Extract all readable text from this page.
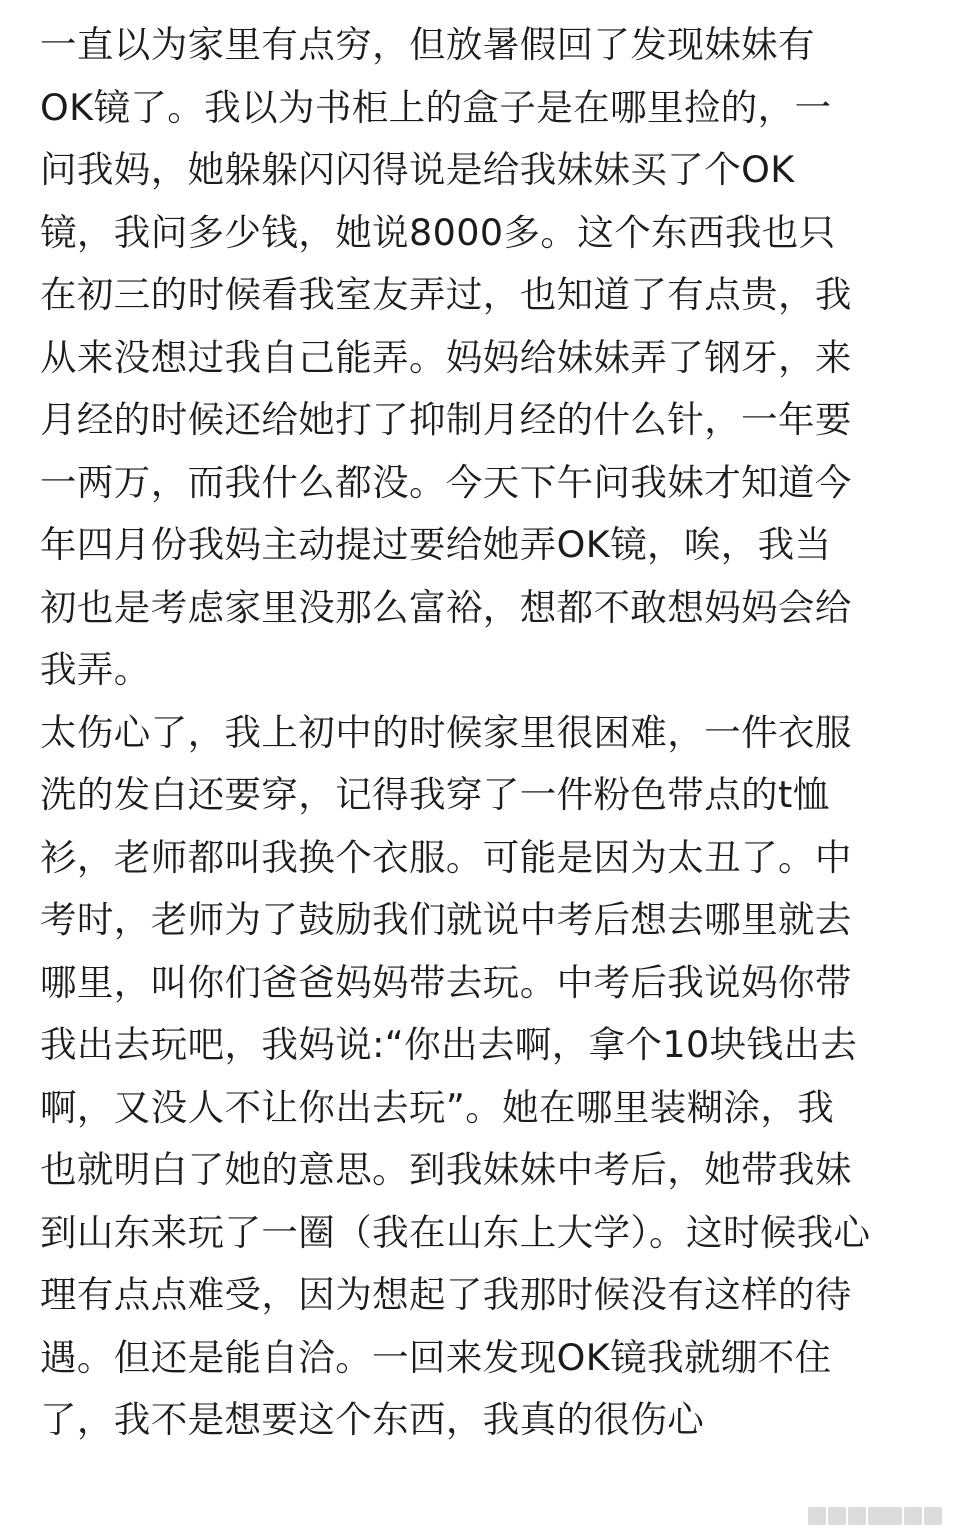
一直以为家里有点穷，但放暑假回了发现妹妹有
OK镜了。我以为书柜上的盒子是在哪里捡的，一
问我妈，她躲躲闪闪得说是给我妹妹买了个OK
镜，我问多少钱，她说8000多。这个东西我也只
在初三的时候看我室友弄过，也知道了有点贵，我
从来没想过我自己能弄。妈妈给妹妹弄了钢牙，来
月经的时候还给她打了抑制月经的什么针，一年要
一两万，而我什么都没。今天下午问我妹才知道今
年四月份我妈主动提过要给她弄OK镜，唉，我当
初也是考虑家里没那么富裕，想都不敢想妈妈会给
我弄。

太伤心了，我上初中的时候家里很困难，一件衣服
洗的发白还要穿，记得我穿了一件粉色带点的t恤
衫，老师都叫我换个衣服。可能是因为太丑了。中
考时，老师为了鼓励我们就说中考后想去哪里就去
哪里，叫你们爸爸妈妈带去玩。中考后我说妈你带
我出去玩吧，我妈说:“你出去啊，拿个10块钱出去
啊，又没人不让你出去玩”。她在哪里装糊涂，我
也就明白了她的意思。到我妹妹中考后，她带我妹
到山东来玩了一圈（我在山东上大学）。这时候我心
理有点点难受，因为想起了我那时候没有这样的待
遇。但还是能自洽。一回来发现OK镜我就绷不住
了，我不是想要这个东西，我真的很伤心
